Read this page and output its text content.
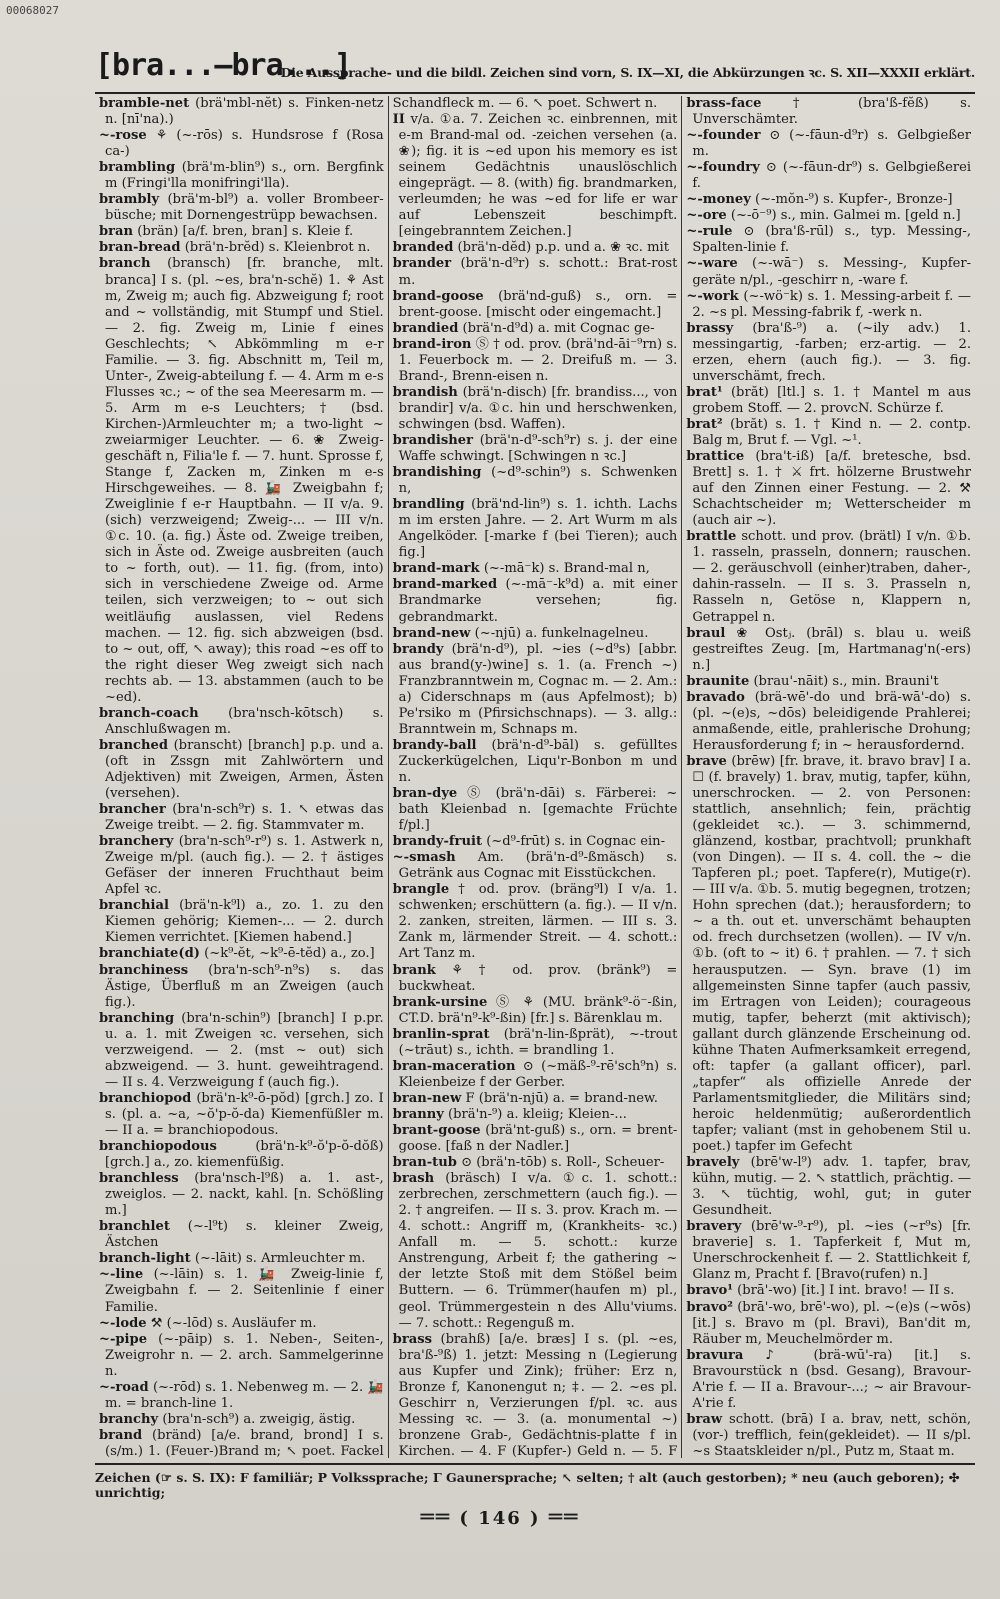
00068027
[bra...—bra...]
Die Aussprache- und die bildl. Zeichen sind vorn, S. IX—XI, die Abkürzungen ꝛc. S. XII—XXXII erklärt.
bramble-net (brä'mbl-nĕt) s. Finken-netz n. [nī'na).)
~-rose ⚘ (~-rōs) s. Hundsrose f (Rosa ca-)
brambling (brä'm-blin⁹) s., orn. Bergfink m (Fringi'lla monifringi'lla).
brambly (brä'm-bl⁹) a. voller Brombeer-büsche; mit Dornengestrüpp bewachsen.
bran (brän) [a/f. bren, bran] s. Kleie f.
bran-bread (brä'n-brĕd) s. Kleienbrot n.
branch (bransch) [fr. branche, mlt. branca] I s. (pl. ~es, bra'n-schĕ) 1. ⚘ Ast m, Zweig m; auch fig. Abzweigung f; root and ~ vollständig, mit Stumpf und Stiel. — 2. fig. Zweig m, Linie f eines Geschlechts; ↖ Abkömmling m e-r Familie. — 3. fig. Abschnitt m, Teil m, Unter-, Zweig-abteilung f. — 4. Arm m e-s Flusses ꝛc.; ~ of the sea Meeresarm m. — 5. Arm m e-s Leuchters; † (bsd. Kirchen-)Armleuchter m; a two-light ~ zweiarmiger Leuchter. — 6. ❀ Zweig-geschäft n, Filia'le f. — 7. hunt. Sprosse f, Stange f, Zacken m, Zinken m e-s Hirschgeweihes. — 8. 🚂 Zweigbahn f; Zweiglinie f e-r Hauptbahn. — II v/a. 9. (sich) verzweigend; Zweig-... — III v/n. ①c. 10. (a. fig.) Äste od. Zweige treiben, sich in Äste od. Zweige ausbreiten (auch to ~ forth, out). — 11. fig. (from, into) sich in verschiedene Zweige od. Arme teilen, sich verzweigen; to ~ out sich weitläufig auslassen, viel Redens machen. — 12. fig. sich abzweigen (bsd. to ~ out, off, ↖ away); this road ~es off to the right dieser Weg zweigt sich nach rechts ab. — 13. abstammen (auch to be ~ed).
branch-coach (bra'nsch-kōtsch) s. Anschlußwagen m.
branched (branscht) [branch] p.p. und a. (oft in Zssgn mit Zahlwörtern und Adjektiven) mit Zweigen, Armen, Ästen (versehen).
brancher (bra'n-sch⁹r) s. 1. ↖ etwas das Zweige treibt. — 2. fig. Stammvater m.
branchery (bra'n-sch⁹-r⁹) s. 1. Astwerk n, Zweige m/pl. (auch fig.). — 2. † ästiges Gefäser der inneren Fruchthaut beim Apfel ꝛc.
branchial (brä'n-k⁹l) a., zo. 1. zu den Kiemen gehörig; Kiemen-... — 2. durch Kiemen verrichtet. [Kiemen habend.]
branchiate(d) (~k⁹-ĕt, ~k⁹-ē-tĕd) a., zo.]
branchiness (bra'n-sch⁹-n⁹s) s. das Ästige, Überfluß m an Zweigen (auch fig.).
branching (bra'n-schin⁹) [branch] I p.pr. u. a. 1. mit Zweigen ꝛc. versehen, sich verzweigend. — 2. (mst ~ out) sich abzweigend. — 3. hunt. geweihtragend. — II s. 4. Verzweigung f (auch fig.).
branchiopod (brä'n-k⁹-ō-pŏd) [grch.] zo. I s. (pl. a. ~a, ~ŏ'p-ŏ-da) Kiemenfüßler m. — II a. = branchiopodous.
branchiopodous	(brä'n-k⁹-ŏ'p-ŏ-dŏß) [grch.] a., zo. kiemenfüßig.
branchless (bra'nsch-l⁹ß) a. 1. ast-, zweiglos. — 2. nackt, kahl. [n. Schößling m.]
branchlet (~-l⁹t) s. kleiner Zweig, Ästchen
branch-light (~-lāit) s. Armleuchter m.
~-line (~-lāin) s. 1. 🚂 Zweig-linie f, Zweigbahn f. — 2. Seitenlinie f einer Familie.
~-lode ⚒ (~-lōd) s. Ausläufer m.
~-pipe (~-pāip) s. 1. Neben-, Seiten-, Zweigrohr n. — 2. arch. Sammelgerinne n.
~-road (~-rōd) s. 1. Nebenweg m. — 2. 🚂 m. = branch-line 1.
branchy (bra'n-sch⁹) a. zweigig, ästig.
brand (bränd) [a/e. brand, brond] I s. (s/m.) 1. (Feuer-)Brand m; ↖ poet. Fackel
Schandfleck m. — 6. ↖ poet. Schwert n.
II v/a. ①a. 7. Zeichen ꝛc. einbrennen, mit e-m Brand-mal od. -zeichen versehen (a. ❀); fig. it is ~ed upon his memory es ist seinem Gedächtnis unauslöschlich eingeprägt. — 8. (with) fig. brandmarken, verleumden; he was ~ed for life er war auf Lebenszeit beschimpft. [eingebranntem Zeichen.]
branded (brä'n-dĕd) p.p. und a. ❀ ꝛc. mit
brander (brä'n-d⁹r) s. schott.: Brat-rost m.
brand-goose (brä'nd-guß) s., orn. = brent-goose. [mischt oder eingemacht.]
brandied (brä'n-d⁹d) a. mit Cognac ge-
brand-iron Ⓢ † od. prov. (brä'nd-āi⁻⁹rn) s. 1. Feuerbock m. — 2. Dreifuß m. — 3. Brand-, Brenn-eisen n.
brandish (brä'n-disch) [fr. brandiss..., von brandir] v/a. ①c. hin und herschwenken, schwingen (bsd. Waffen).
brandisher (brä'n-d⁹-sch⁹r) s. j. der eine Waffe schwingt. [Schwingen n ꝛc.]
brandishing (~d⁹-schin⁹) s. Schwenken n,
brandling (brä'nd-lin⁹) s. 1. ichth. Lachs m im ersten Jahre. — 2. Art Wurm m als Angelköder. [-marke f (bei Tieren); auch fig.]
brand-mark (~-mā⁻k) s. Brand-mal n,
brand-marked (~-mā⁻-k⁹d) a. mit einer Brandmarke versehen; fig. gebrandmarkt.
brand-new (~-njū) a. funkelnagelneu.
brandy (brä'n-d⁹), pl. ~ies (~d⁹s) [abbr. aus brand(y-)wine] s. 1. (a. French ~) Franzbranntwein m, Cognac m. — 2. Am.: a) Ciderschnaps m (aus Apfelmost); b) Pe'rsiko m (Pfirsichschnaps). — 3. allg.: Branntwein m, Schnaps m.
brandy-ball (brä'n-d⁹-bāl) s. gefülltes Zuckerkügelchen, Liqu'r-Bonbon m und n.
bran-dye Ⓢ (brä'n-dāi) s. Färberei: ~ bath Kleienbad n. [gemachte Früchte f/pl.]
brandy-fruit (~d⁹-frūt) s. in Cognac ein-
~-smash Am. (brä'n-d⁹-ßmäsch) s. Getränk aus Cognac mit Eisstückchen.
brangle † od. prov. (bräng⁹l) I v/a. 1. schwenken; erschüttern (a. fig.). — II v/n. 2. zanken, streiten, lärmen. — III s. 3. Zank m, lärmender Streit. — 4. schott.: Art Tanz m.
brank ⚘ † od. prov. (bränk⁹) = buckwheat.
brank-ursine Ⓢ ⚘ (MU. bränk⁹-ö⁻-ßin, CT.D. brä'n⁹-k⁹-ßin) [fr.] s. Bärenklau m.
branlin-sprat (brä'n-lin-ßprät), ~-trout (~trāut) s., ichth. = brandling 1.
bran-maceration ⊙ (~mäß-⁹-rē'sch⁹n) s. Kleienbeize f der Gerber.
bran-new F (brä'n-njū) a. = brand-new.
branny (brä'n-⁹) a. kleiig; Kleien-...
brant-goose (brä'nt-guß) s., orn. = brent-goose. [faß n der Nadler.]
bran-tub ⊙ (brä'n-tōb) s. Roll-, Scheuer-
brash (bräsch) I v/a. ①c. 1. schott.: zerbrechen, zerschmettern (auch fig.). — 2. † angreifen. — II s. 3. prov. Krach m. — 4. schott.: Angriff m, (Krankheits- ꝛc.) Anfall m. — 5. schott.: kurze Anstrengung, Arbeit f; the gathering ~ der letzte Stoß mit dem Stößel beim Buttern. — 6. Trümmer(haufen m) pl., geol. Trümmergestein n des Allu'viums. — 7. schott.: Regenguß m.
brass (brahß) [a/e. bræs] I s. (pl. ~es, bra'ß-⁹ß) 1. jetzt: Messing n (Legierung aus Kupfer und Zink); früher: Erz n, Bronze f, Kanonengut n; ‡. — 2. ~es pl. Geschirr n, Verzierungen f/pl. ꝛc. aus Messing ꝛc. — 3. (a. monumental ~) bronzene Grab-, Gedächtnis-platte f in Kirchen. — 4. F (Kupfer-) Geld n. — 5. F
brass-face † (bra'ß-fĕß) s. Unverschämter.
~-founder ⊙ (~-fāun-d⁹r) s. Gelbgießer m.
~-foundry ⊙ (~-fāun-dr⁹) s. Gelbgießerei f.
~-money (~-mŏn-⁹) s. Kupfer-, Bronze-]
~-ore (~-ō⁻⁹) s., min. Galmei m. [geld n.]
~-rule ⊙ (bra'ß-rūl) s., typ. Messing-, Spalten-linie f.
~-ware (~-wā⁻) s. Messing-, Kupfer-geräte n/pl., -geschirr n, -ware f.
~-work (~-wö⁻k) s. 1. Messing-arbeit f. — 2. ~s pl. Messing-fabrik f, -werk n.
brassy (bra'ß-⁹) a. (~ily adv.) 1. messingartig, -farben; erz-artig. — 2. erzen, ehern (auch fig.). — 3. fig. unverschämt, frech.
brat¹ (brăt) [ltl.] s. 1. † Mantel m aus grobem Stoff. — 2. provcN. Schürze f.
brat² (brăt) s. 1. † Kind n. — 2. contp. Balg m, Brut f. — Vgl. ~¹.
brattice (bra't-iß) [a/f. bretesche, bsd. Brett] s. 1. † ⚔ frt. hölzerne Brustwehr auf den Zinnen einer Festung. — 2. ⚒ Schachtscheider m; Wetterscheider m (auch air ~).
brattle schott. und prov. (brätl) I v/n. ①b. 1. rasseln, prasseln, donnern; rauschen. — 2. geräuschvoll (einher)traben, daher-, dahin-rasseln. — II s. 3. Prasseln n, Rasseln n, Getöse n, Klappern n, Getrappel n.
braul ❀ Ostⱼ. (brāl) s. blau u. weiß gestreiftes Zeug. [m, Hartmanag'n(-ers) n.]
braunite (brau'-nāit) s., min. Brauni't
bravado (brä-wē'-do und brä-wā'-do) s. (pl. ~(e)s, ~dōs) beleidigende Prahlerei; anmaßende, eitle, prahlerische Drohung; Herausforderung f; in ~ herausfordernd.
brave (brēw) [fr. brave, it. bravo brav] I a. ☐ (f. bravely) 1. brav, mutig, tapfer, kühn, unerschrocken. — 2. von Personen: stattlich, ansehnlich; fein, prächtig (gekleidet ꝛc.). — 3. schimmernd, glänzend, kostbar, prachtvoll; prunkhaft (von Dingen). — II s. 4. coll. the ~ die Tapferen pl.; poet. Tapfere(r), Mutige(r). — III v/a. ①b. 5. mutig begegnen, trotzen; Hohn sprechen (dat.); herausfordern; to ~ a th. out et. unverschämt behaupten od. frech durchsetzen (wollen). — IV v/n. ①b. (oft to ~ it) 6. † prahlen. — 7. † sich herausputzen. — Syn. brave (1) im allgemeinsten Sinne tapfer (auch passiv, im Ertragen von Leiden); courageous mutig, tapfer, beherzt (mit aktivisch); gallant durch glänzende Erscheinung od. kühne Thaten Aufmerksamkeit erregend, oft: tapfer (a gallant officer), parl. „tapfer“ als offizielle Anrede der Parlamentsmitglieder, die Militärs sind; heroic heldenmütig; außerordentlich tapfer; valiant (mst in gehobenem Stil u. poet.) tapfer im Gefecht
bravely (brē'w-l⁹) adv. 1. tapfer, brav, kühn, mutig. — 2. ↖ stattlich, prächtig. — 3. ↖ tüchtig, wohl, gut; in guter Gesundheit.
bravery (brē'w-⁹-r⁹), pl. ~ies (~r⁹s) [fr. braverie] s. 1. Tapferkeit f, Mut m, Unerschrockenheit f. — 2. Stattlichkeit f, Glanz m, Pracht f. [Bravo(rufen) n.]
bravo¹ (brā'-wo) [it.] I int. bravo! — II s.
bravo² (brā'-wo, brē'-wo), pl. ~(e)s (~wōs) [it.] s. Bravo m (pl. Bravi), Ban'dit m, Räuber m, Meuchelmörder m.
bravura ♪ (brä-wū'-ra) [it.] s. Bravourstück n (bsd. Gesang), Bravour-A'rie f. — II a. Bravour-...; ~ air Bravour-A'rie f.
braw schott. (brā) I a. brav, nett, schön, (vor-) trefflich, fein(gekleidet). — II s/pl. ~s Staatskleider n/pl., Putz m, Staat m.
Zeichen (☞ s. S. IX): F familiär; P Volkssprache; Γ Gaunersprache; ↖ selten; † alt (auch gestorben); * neu (auch geboren); ✣ unrichtig;
══ ( 146 ) ══
